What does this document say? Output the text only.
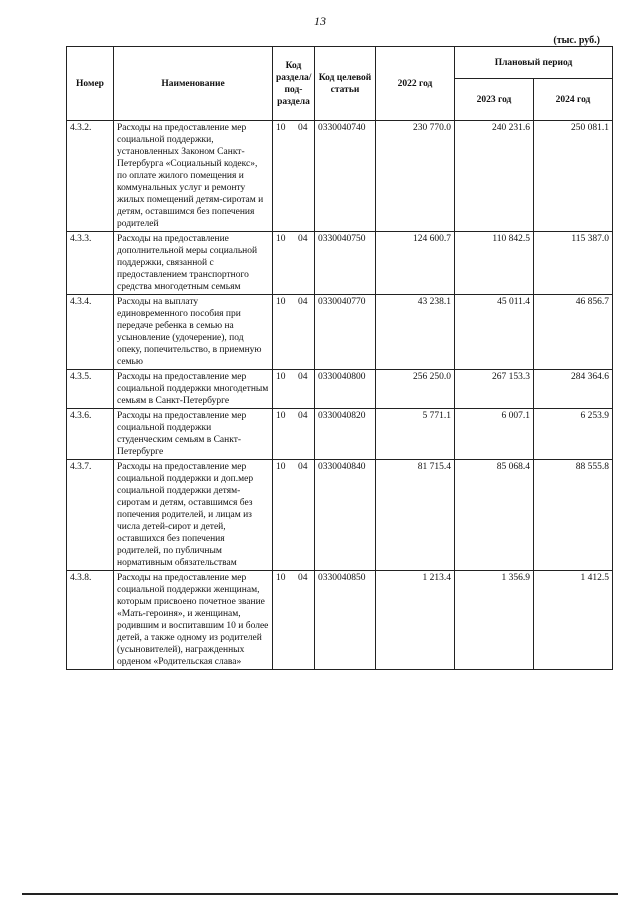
13
(тыс. руб.)
Номер	Наименование	Код раздела/ под-раздела	Код целевой статьи	2022 год	Плановый период	
					2023 год	2024 год
4.3.2.	Расходы на предоставление мер социальной поддержки, установленных Законом Санкт-Петербурга «Социальный кодекс», по оплате жилого помещения и коммунальных услуг и ремонту жилых помещений детям-сиротам и детям, оставшимся без попечения родителей	10 04	0330040740	230 770.0	240 231.6	250 081.1
4.3.3.	Расходы на предоставление дополнительной меры социальной поддержки, связанной с предоставлением транспортного средства многодетным семьям	10 04	0330040750	124 600.7	110 842.5	115 387.0
4.3.4.	Расходы на выплату единовременного пособия при передаче ребенка в семью на усыновление (удочерение), под опеку, попечительство, в приемную семью	10 04	0330040770	43 238.1	45 011.4	46 856.7
4.3.5.	Расходы на предоставление мер социальной поддержки многодетным семьям в Санкт-Петербурге	10 04	0330040800	256 250.0	267 153.3	284 364.6
4.3.6.	Расходы на предоставление мер социальной поддержки студенческим семьям в Санкт-Петербурге	10 04	0330040820	5 771.1	6 007.1	6 253.9
4.3.7.	Расходы на предоставление мер социальной поддержки и доп.мер социальной поддержки детям-сиротам и детям, оставшимся без попечения родителей, и лицам из числа детей-сирот и детей, оставшихся без попечения родителей, по публичным нормативным обязательствам	10 04	0330040840	81 715.4	85 068.4	88 555.8
4.3.8.	Расходы на предоставление мер социальной поддержки женщинам, которым присвоено почетное звание «Мать-героиня», и женщинам, родившим и воспитавшим 10 и более детей, а также одному из родителей (усыновителей), награжденных орденом «Родительская слава»	10 04	0330040850	1 213.4	1 356.9	1 412.5
